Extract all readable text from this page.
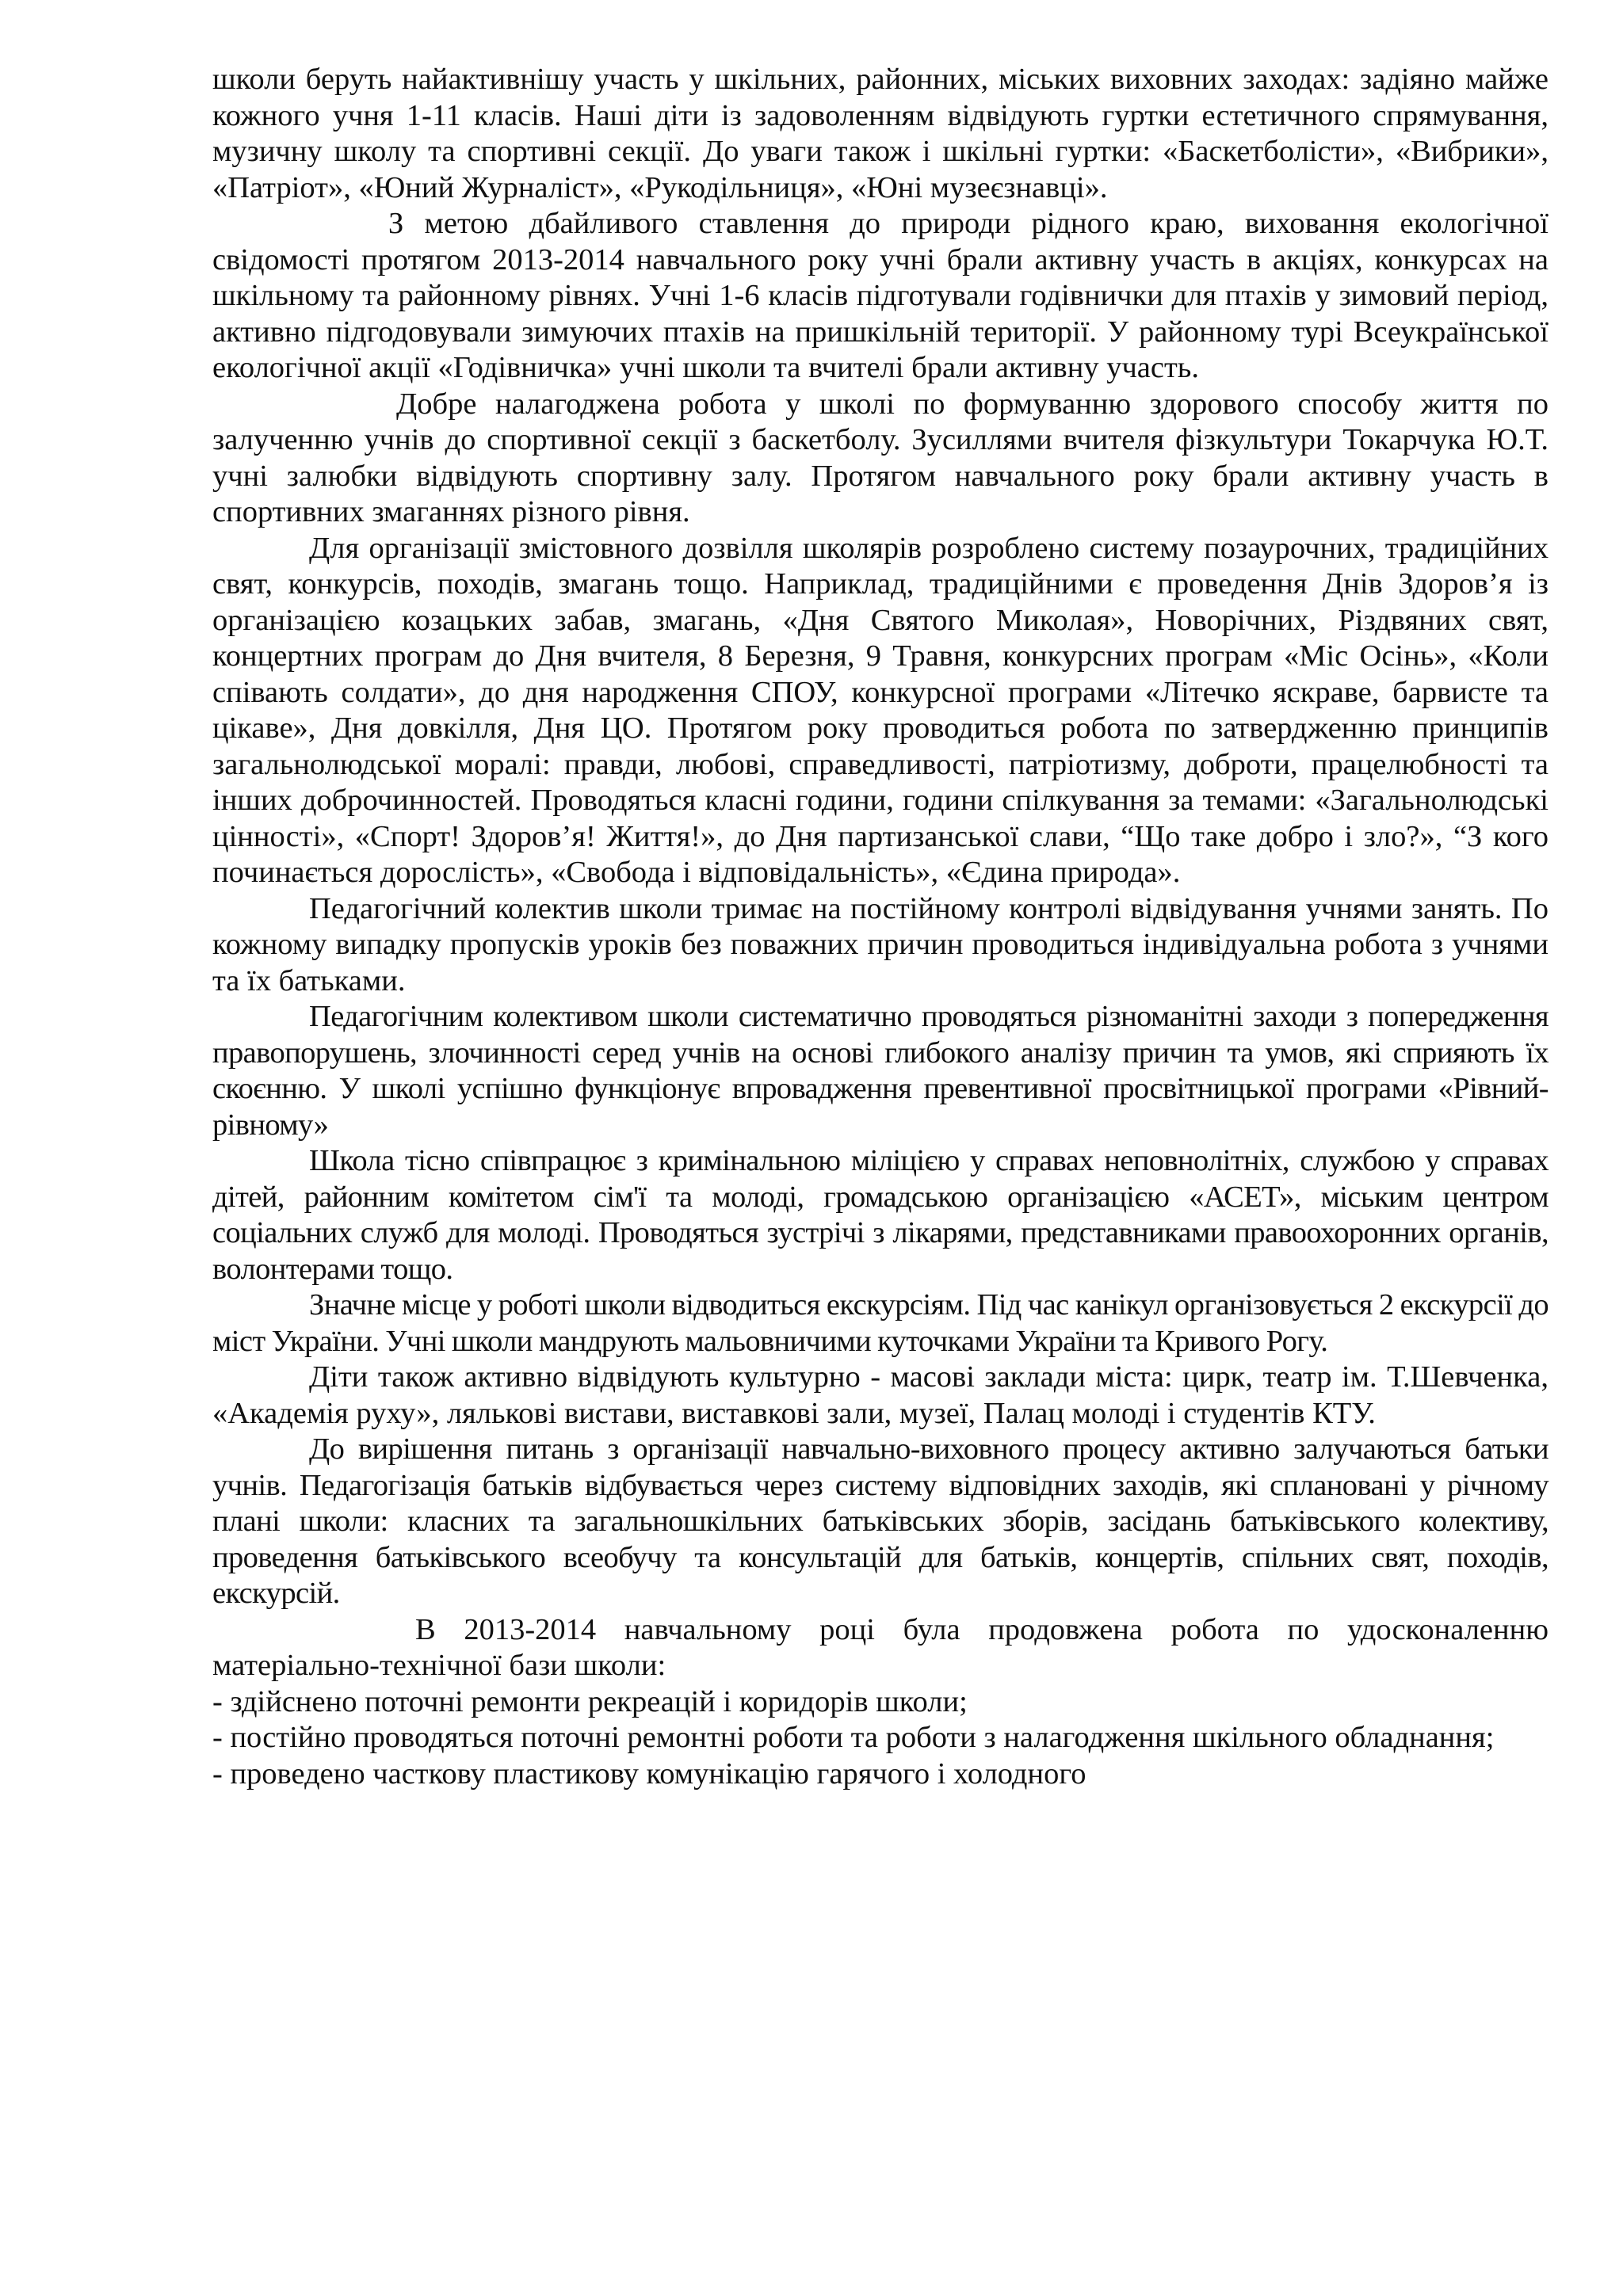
школи беруть найактивнішу участь у шкільних, районних, міських виховних заходах: задіяно майже кожного учня 1-11 класів. Наші діти із задоволенням відвідують гуртки естетичного спрямування, музичну школу та спортивні секції. До уваги також і шкільні гуртки: «Баскетболісти», «Вибрики», «Патріот», «Юний Журналіст», «Рукодільниця», «Юні музеєзнавці».

З метою дбайливого ставлення до природи рідного краю, виховання екологічної свідомості протягом 2013-2014 навчального року учні брали активну участь в акціях, конкурсах на шкільному та районному рівнях. Учні 1-6 класів підготували годівнички для птахів у зимовий період, активно підгодовували зимуючих птахів на пришкільній території. У районному турі Всеукраїнської екологічної акції «Годівничка» учні школи та вчителі брали активну участь.

Добре налагоджена робота у школі по формуванню здорового способу життя по залученню учнів до спортивної секції з баскетболу. Зусиллями вчителя фізкультури Токарчука Ю.Т. учні залюбки відвідують спортивну залу. Протягом навчального року брали активну участь в спортивних змаганнях різного рівня.

Для організації змістовного дозвілля школярів розроблено систему позаурочних, традиційних свят, конкурсів, походів, змагань тощо. Наприклад, традиційними є проведення Днів Здоров’я із організацією козацьких забав, змагань, «Дня Святого Миколая», Новорічних, Різдвяних свят, концертних програм до Дня вчителя, 8 Березня, 9 Травня, конкурсних програм «Міс Осінь», «Коли співають солдати», до дня народження СПОУ, конкурсної програми «Літечко яскраве, барвисте та цікаве», Дня довкілля, Дня ЦО. Протягом року проводиться робота по затвердженню принципів загальнолюдської моралі: правди, любові, справедливості, патріотизму, доброти, працелюбності та інших доброчинностей. Проводяться класні години, години спілкування за темами: «Загальнолюдські цінності», «Спорт! Здоров’я! Життя!», до Дня партизанської слави, “Що таке добро і зло?», “З кого починається дорослість», «Свобода і відповідальність», «Єдина природа».

Педагогічний колектив школи тримає на постійному контролі відвідування учнями занять. По кожному випадку пропусків уроків без поважних причин проводиться індивідуальна робота з учнями та їх батьками.

Педагогічним колективом школи систематично проводяться різноманітні заходи з попередження правопорушень, злочинності серед учнів на основі глибокого аналізу причин та умов, які сприяють їх скоєнню. У школі успішно функціонує впровадження превентивної просвітницької програми «Рівний-рівному»

Школа тісно співпрацює з кримінальною міліцією у справах неповнолітніх, службою у справах дітей, районним комітетом сім'ї та молоді, громадською організацією «АСЕТ», міським центром соціальних служб для молоді. Проводяться зустрічі з лікарями, представниками правоохоронних органів, волонтерами тощо.

Значне місце у роботі школи відводиться екскурсіям. Під час канікул організовується 2 екскурсії до міст України. Учні школи мандрують мальовничими куточками України та Кривого Рогу.

Діти також активно відвідують культурно - масові заклади міста: цирк, театр ім. Т.Шевченка, «Академія руху», лялькові вистави, виставкові зали, музеї, Палац молоді і студентів КТУ.

До вирішення питань з організації навчально-виховного процесу активно залучаються батьки учнів. Педагогізація батьків відбувається через систему відповідних заходів, які сплановані у річному плані школи: класних та загальношкільних батьківських зборів, засідань батьківського колективу, проведення батьківського всеобучу та консультацій для батьків, концертів, спільних свят, походів, екскурсій.

В 2013-2014 навчальному році була продовжена робота по удосконаленню матеріально-технічної бази школи:

- здійснено поточні ремонти рекреацій і коридорів школи;
- постійно проводяться поточні ремонтні роботи та роботи з налагодження шкільного обладнання;
- проведено часткову пластикову комунікацію гарячого і холодного
